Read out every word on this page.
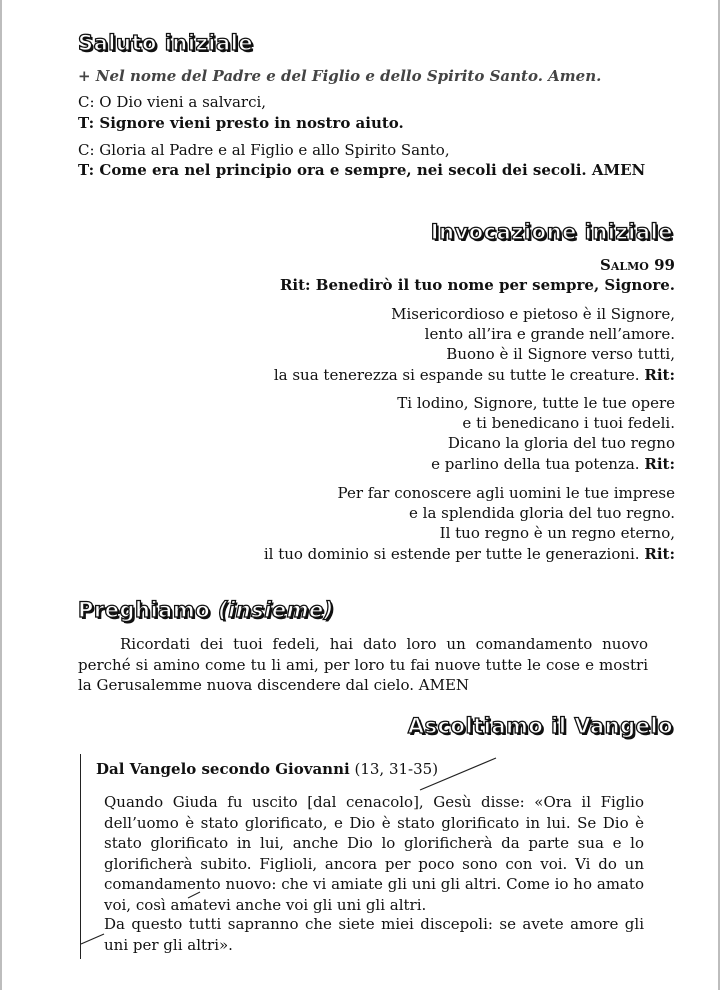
Saluto iniziale
+ Nel nome del Padre e del Figlio e dello Spirito Santo. Amen.
C: O Dio vieni a salvarci,
T: Signore vieni presto in nostro aiuto.
C: Gloria al Padre e al Figlio e allo Spirito Santo,
T: Come era nel principio ora e sempre, nei secoli dei secoli. AMEN
Invocazione iniziale
Salmo 99
Rit: Benedirò il tuo nome per sempre, Signore.
Misericordioso e pietoso è il Signore,
lento all’ira e grande nell’amore.
Buono è il Signore verso tutti,
la sua tenerezza si espande su tutte le creature. Rit:
Ti lodino, Signore, tutte le tue opere
e ti benedicano i tuoi fedeli.
Dicano la gloria del tuo regno
e parlino della tua potenza. Rit:
Per far conoscere agli uomini le tue imprese
e la splendida gloria del tuo regno.
Il tuo regno è un regno eterno,
il tuo dominio si estende per tutte le generazioni. Rit:
Preghiamo (insieme)
Ricordati dei tuoi fedeli, hai dato loro un comandamento nuovo perché si amino come tu li ami, per loro tu fai nuove tutte le cose e mostri la Gerusalemme nuova discendere dal cielo. AMEN
Ascoltiamo il Vangelo
Dal Vangelo secondo Giovanni (13, 31-35)
Quando Giuda fu uscito [dal cenacolo], Gesù disse: «Ora il Figlio dell’uomo è stato glorificato, e Dio è stato glorificato in lui. Se Dio è stato glorificato in lui, anche Dio lo glorificherà da parte sua e lo glorificherà subito. Figlioli, ancora per poco sono con voi. Vi do un comandamento nuovo: che vi amiate gli uni gli altri. Come io ho amato voi, così amatevi anche voi gli uni gli altri.
Da questo tutti sapranno che siete miei discepoli: se avete amore gli uni per gli altri».
